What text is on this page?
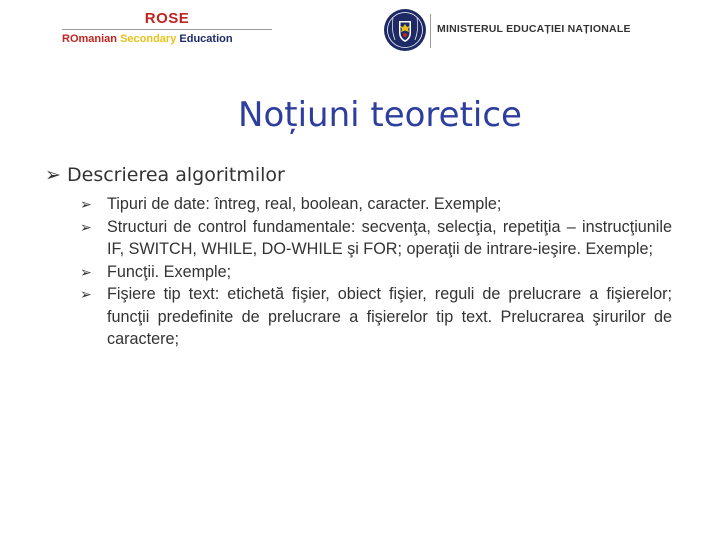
ROSE
ROmanian Secondary Education
MINISTERUL EDUCAȚIEI NAȚIONALE
Noțiuni teoretice
➢ Descrierea algoritmilor
➢ Tipuri de date: întreg, real, boolean, caracter. Exemple;
➢ Structuri de control fundamentale: secvenţa, selecţia, repetiţia – instrucţiunile IF, SWITCH, WHILE, DO-WHILE şi FOR; operaţii de intrare-ieşire. Exemple;
➢ Funcţii. Exemple;
➢ Fişiere tip text: etichetă fişier, obiect fişier, reguli de prelucrare a fişierelor; funcţii predefinite de prelucrare a fişierelor tip text. Prelucrarea şirurilor de caractere;
